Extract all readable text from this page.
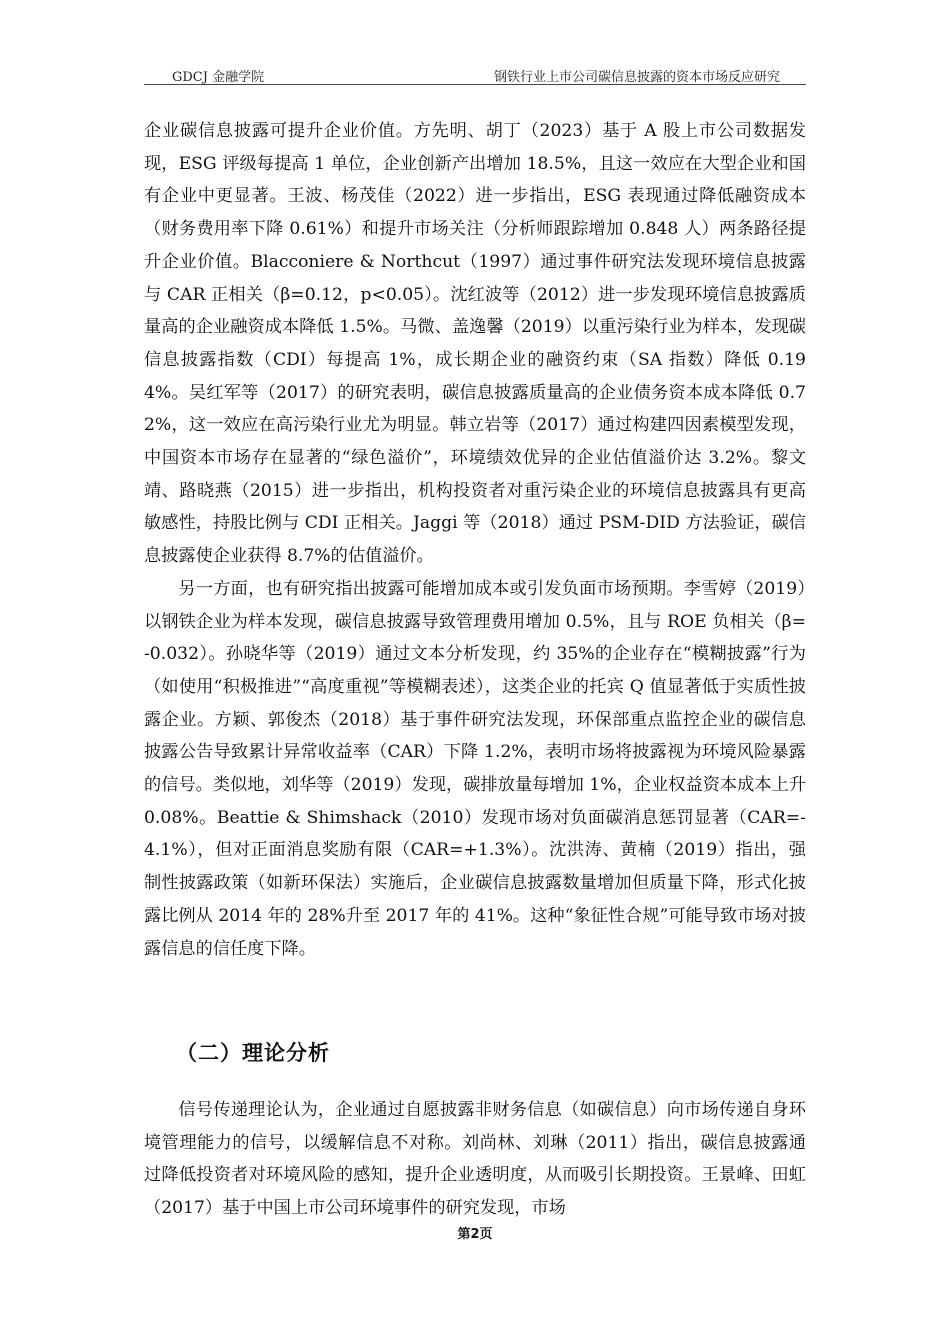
GDCJ 金融学院	钢铁行业上市公司碳信息披露的资本市场反应研究

企业碳信息披露可提升企业价值。方先明、胡丁（2023）基于 A 股上市公司数据发现，ESG 评级每提高 1 单位，企业创新产出增加 18.5%，且这一效应在大型企业和国有企业中更显著。王波、杨茂佳（2022）进一步指出，ESG 表现通过降低融资成本（财务费用率下降 0.61%）和提升市场关注（分析师跟踪增加 0.848 人）两条路径提升企业价值。Blacconiere & Northcut（1997）通过事件研究法发现环境信息披露与 CAR 正相关（β=0.12，p<0.05）。沈红波等（2012）进一步发现环境信息披露质量高的企业融资成本降低 1.5%。马微、盖逸馨（2019）以重污染行业为样本，发现碳信息披露指数（CDI）每提高 1%，成长期企业的融资约束（SA 指数）降低 0.194%。吴红军等（2017）的研究表明，碳信息披露质量高的企业债务资本成本降低 0.72%，这一效应在高污染行业尤为明显。韩立岩等（2017）通过构建四因素模型发现，中国资本市场存在显著的“绿色溢价”，环境绩效优异的企业估值溢价达 3.2%。黎文靖、路晓燕（2015）进一步指出，机构投资者对重污染企业的环境信息披露具有更高敏感性，持股比例与 CDI 正相关。Jaggi 等（2018）通过 PSM-DID 方法验证，碳信息披露使企业获得 8.7%的估值溢价。

另一方面，也有研究指出披露可能增加成本或引发负面市场预期。李雪婷（2019）以钢铁企业为样本发现，碳信息披露导致管理费用增加 0.5%，且与 ROE 负相关（β=-0.032）。孙晓华等（2019）通过文本分析发现，约 35%的企业存在“模糊披露”行为（如使用“积极推进”“高度重视”等模糊表述），这类企业的托宾 Q 值显著低于实质性披露企业。方颖、郭俊杰（2018）基于事件研究法发现，环保部重点监控企业的碳信息披露公告导致累计异常收益率（CAR）下降 1.2%，表明市场将披露视为环境风险暴露的信号。类似地，刘华等（2019）发现，碳排放量每增加 1%，企业权益资本成本上升 0.08%。Beattie & Shimshack（2010）发现市场对负面碳消息惩罚显著（CAR=-4.1%），但对正面消息奖励有限（CAR=+1.3%）。沈洪涛、黄楠（2019）指出，强制性披露政策（如新环保法）实施后，企业碳信息披露数量增加但质量下降，形式化披露比例从 2014 年的 28%升至 2017 年的 41%。这种“象征性合规”可能导致市场对披露信息的信任度下降。

（二）理论分析

信号传递理论认为，企业通过自愿披露非财务信息（如碳信息）向市场传递自身环境管理能力的信号，以缓解信息不对称。刘尚林、刘琳（2011）指出，碳信息披露通过降低投资者对环境风险的感知，提升企业透明度，从而吸引长期投资。王景峰、田虹（2017）基于中国上市公司环境事件的研究发现，市场

第2页
